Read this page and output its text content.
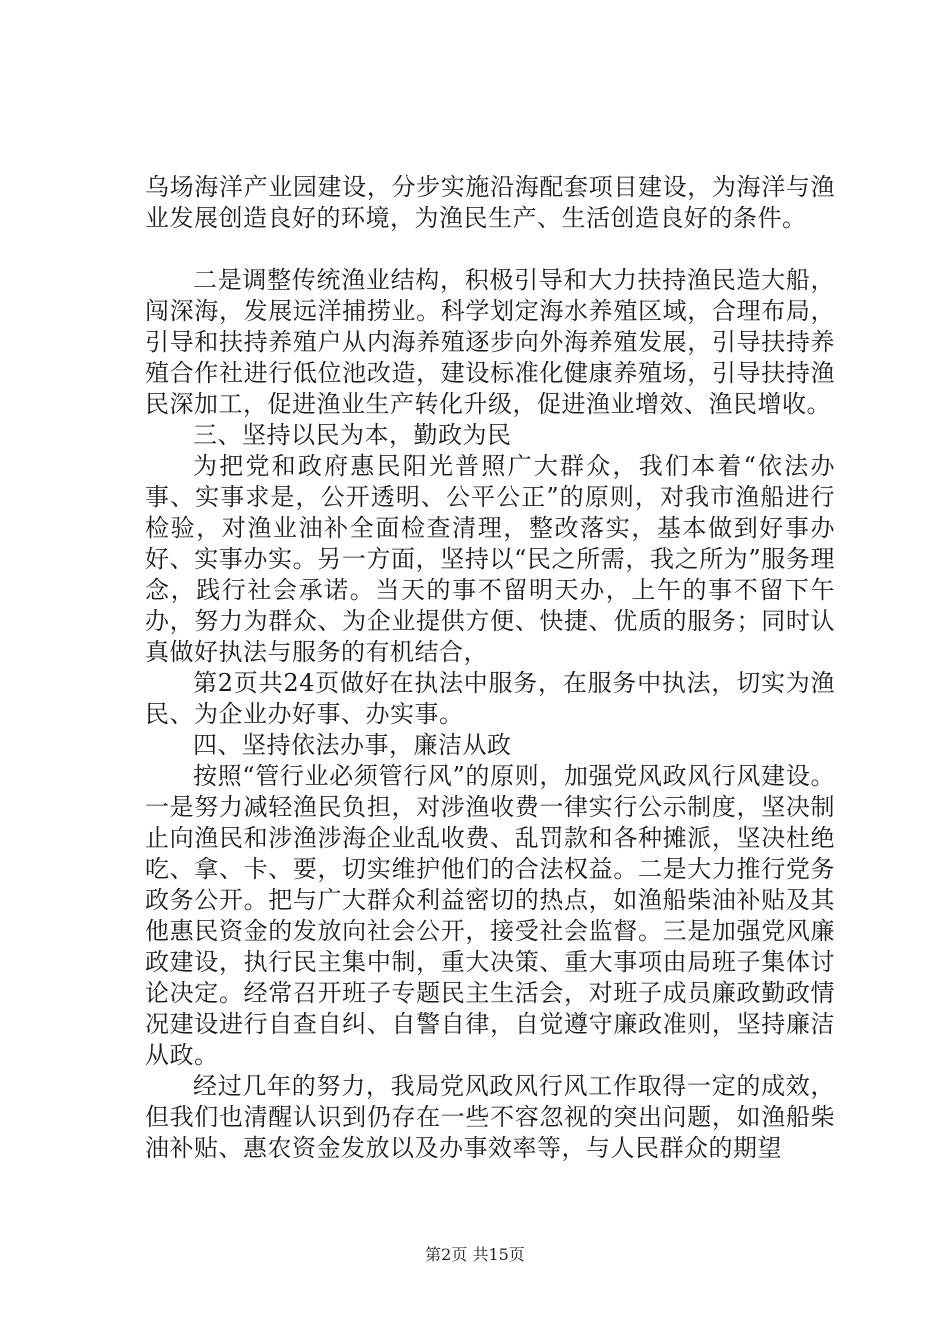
乌场海洋产业园建设，分步实施沿海配套项目建设，为海洋与渔业发展创造良好的环境，为渔民生产、生活创造良好的条件。

二是调整传统渔业结构，积极引导和大力扶持渔民造大船，闯深海，发展远洋捕捞业。科学划定海水养殖区域，合理布局，引导和扶持养殖户从内海养殖逐步向外海养殖发展，引导扶持养殖合作社进行低位池改造，建设标准化健康养殖场，引导扶持渔民深加工，促进渔业生产转化升级，促进渔业增效、渔民增收。

三、坚持以民为本，勤政为民

为把党和政府惠民阳光普照广大群众，我们本着“依法办事、实事求是，公开透明、公平公正”的原则，对我市渔船进行检验，对渔业油补全面检查清理，整改落实，基本做到好事办好、实事办实。另一方面，坚持以“民之所需，我之所为”服务理念，践行社会承诺。当天的事不留明天办，上午的事不留下午办，努力为群众、为企业提供方便、快捷、优质的服务；同时认真做好执法与服务的有机结合，

第2页共24页做好在执法中服务，在服务中执法，切实为渔民、为企业办好事、办实事。

四、坚持依法办事，廉洁从政

按照“管行业必须管行风”的原则，加强党风政风行风建设。一是努力减轻渔民负担，对涉渔收费一律实行公示制度，坚决制止向渔民和涉渔涉海企业乱收费、乱罚款和各种摊派，坚决杜绝吃、拿、卡、要，切实维护他们的合法权益。二是大力推行党务政务公开。把与广大群众利益密切的热点，如渔船柴油补贴及其他惠民资金的发放向社会公开，接受社会监督。三是加强党风廉政建设，执行民主集中制，重大决策、重大事项由局班子集体讨论决定。经常召开班子专题民主生活会，对班子成员廉政勤政情况建设进行自查自纠、自警自律，自觉遵守廉政准则，坚持廉洁从政。

经过几年的努力，我局党风政风行风工作取得一定的成效，但我们也清醒认识到仍存在一些不容忽视的突出问题，如渔船柴油补贴、惠农资金发放以及办事效率等，与人民群众的期望

第2页 共15页
